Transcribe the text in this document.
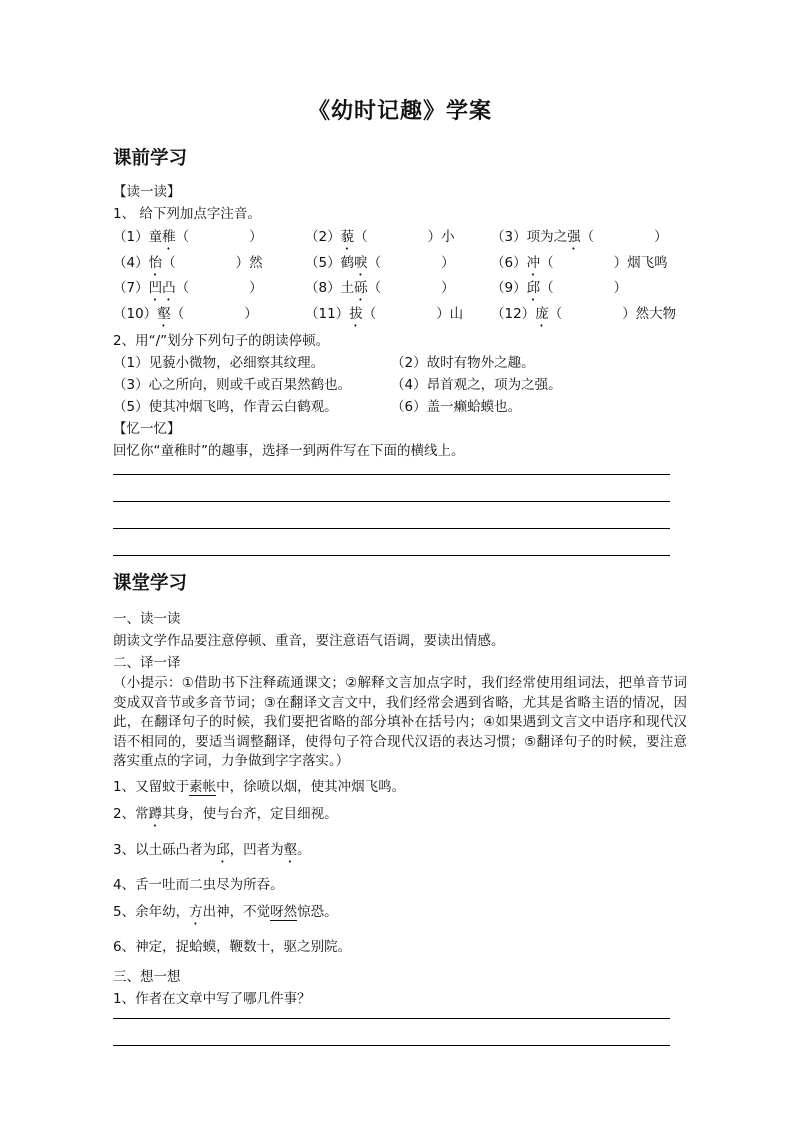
《幼时记趣》学案
课前学习

【读一读】

1、 给下列加点字注音。

（1）童稚（	）	（2）藐（	）小	（3）项为之强（	）
（4）怡（	）然	（5）鹤唳（	）	（6）冲（	）烟飞鸣
（7）凹凸（	）	（8）土砾（	）	（9）邱（	）
（10）壑（	）	（11）拔（	）山	（12）庞（	）然大物

2、用“/”划分下列句子的朗读停顿。

（1）见藐小微物，必细察其纹理。	（2）故时有物外之趣。
（3）心之所向，则或千或百果然鹤也。	（4）昂首观之，项为之强。
（5）使其冲烟飞鸣，作青云白鹤观。	（6）盖一癞蛤蟆也。

【忆一忆】

回忆你“童稚时”的趣事，选择一到两件写在下面的横线上。

课堂学习

一、读一读

朗读文学作品要注意停顿、重音，要注意语气语调，要读出情感。

二、译一译

（小提示：①借助书下注释疏通课文；②解释文言加点字时，我们经常使用组词法，把单音节词变成双音节或多音节词；③在翻译文言文中，我们经常会遇到省略，尤其是省略主语的情况，因此，在翻译句子的时候，我们要把省略的部分填补在括号内；④如果遇到文言文中语序和现代汉语不相同的，要适当调整翻译，使得句子符合现代汉语的表达习惯；⑤翻译句子的时候，要注意落实重点的字词，力争做到字字落实。）

1、又留蚊于素帐中，徐喷以烟，使其冲烟飞鸣。

2、常蹲其身，使与台齐，定目细视。

3、以土砾凸者为邱，凹者为壑。

4、舌一吐而二虫尽为所吞。

5、余年幼，方出神，不觉呀然惊恐。

6、神定，捉蛤蟆，鞭数十，驱之别院。

三、想一想

1、作者在文章中写了哪几件事？
